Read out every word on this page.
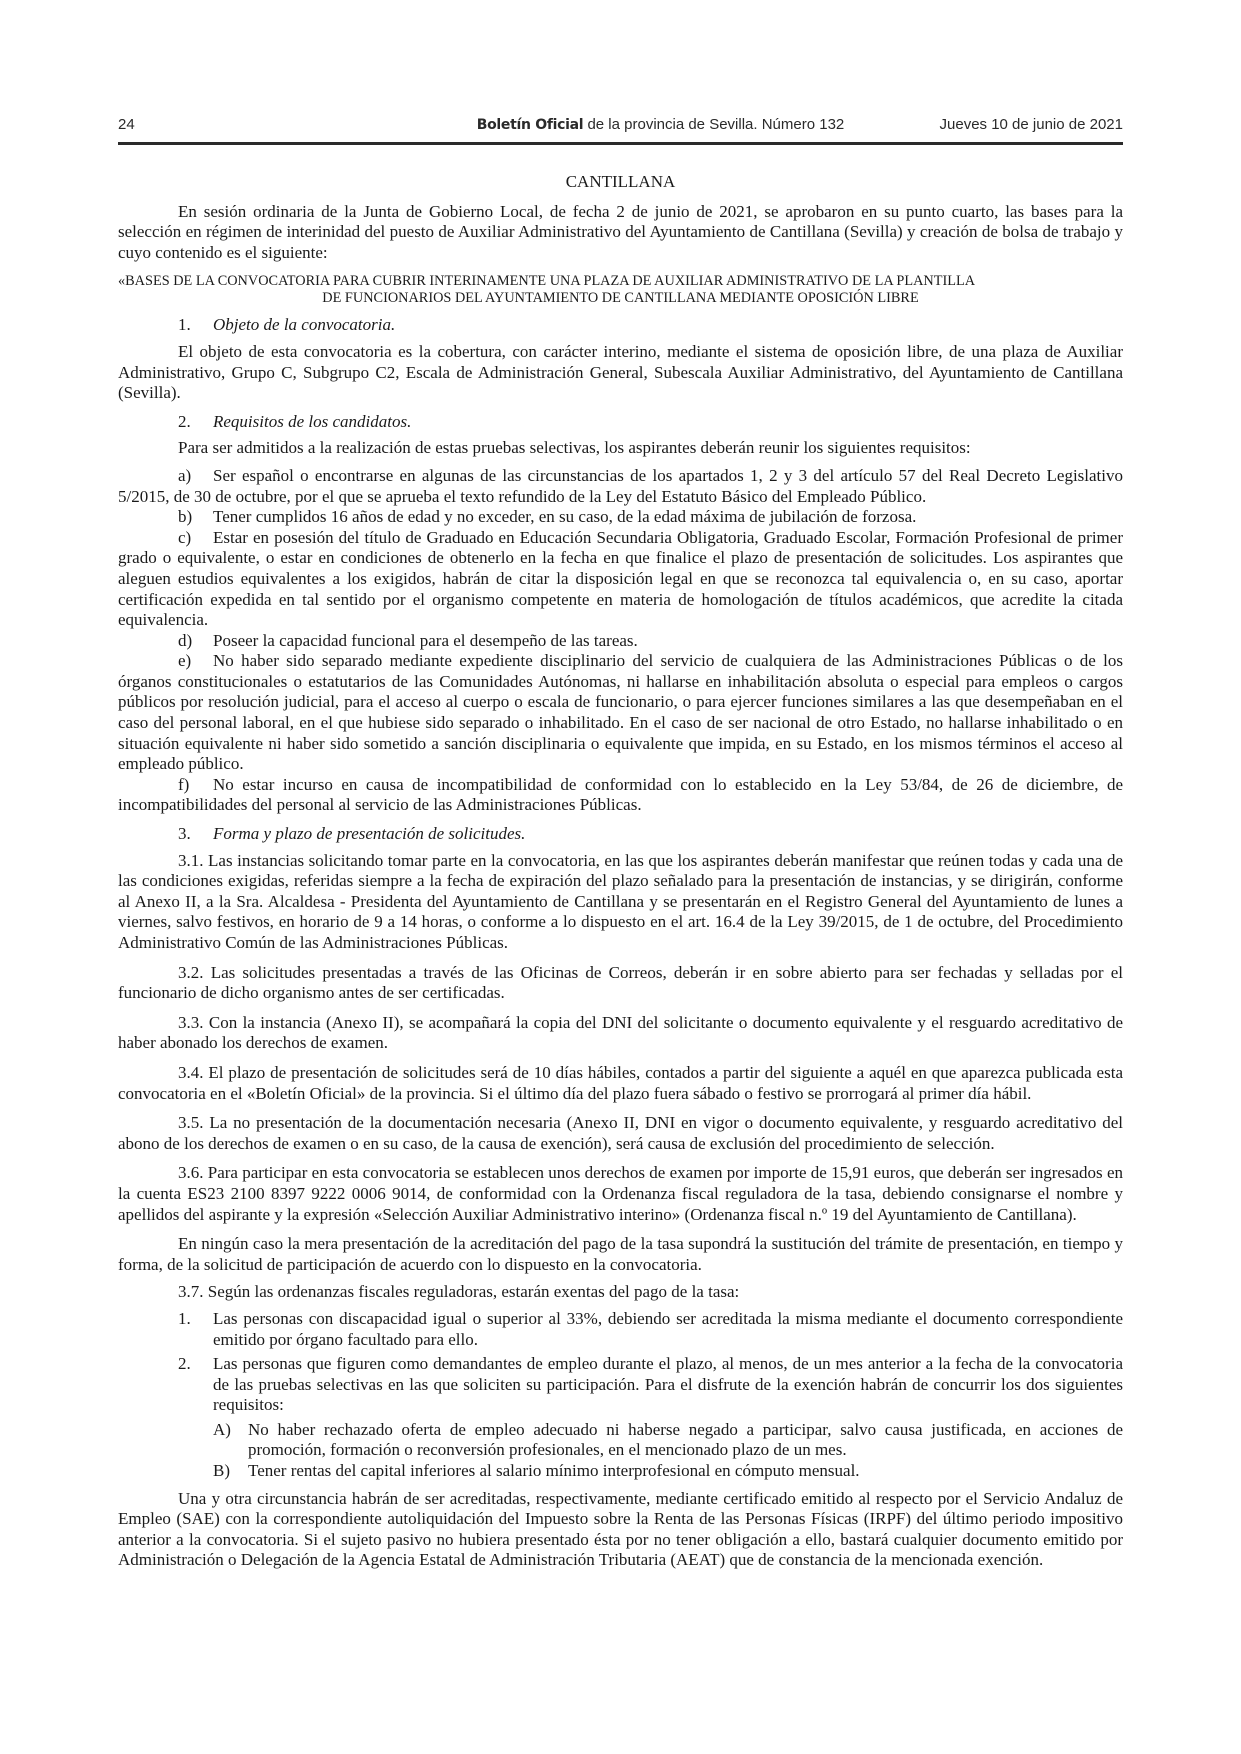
24	Boletín Oficial de la provincia de Sevilla. Número 132	Jueves 10 de junio de 2021
CANTILLANA

En sesión ordinaria de la Junta de Gobierno Local, de fecha 2 de junio de 2021, se aprobaron en su punto cuarto, las bases para la selección en régimen de interinidad del puesto de Auxiliar Administrativo del Ayuntamiento de Cantillana (Sevilla) y creación de bolsa de trabajo y cuyo contenido es el siguiente:

«BASES DE LA CONVOCATORIA PARA CUBRIR INTERINAMENTE UNA PLAZA DE AUXILIAR ADMINISTRATIVO DE LA PLANTILLA
DE FUNCIONARIOS DEL AYUNTAMIENTO DE CANTILLANA MEDIANTE OPOSICIÓN LIBRE

1. Objeto de la convocatoria.

El objeto de esta convocatoria es la cobertura, con carácter interino, mediante el sistema de oposición libre, de una plaza de Auxiliar Administrativo, Grupo C, Subgrupo C2, Escala de Administración General, Subescala Auxiliar Administrativo, del Ayuntamiento de Cantillana (Sevilla).

2. Requisitos de los candidatos.

Para ser admitidos a la realización de estas pruebas selectivas, los aspirantes deberán reunir los siguientes requisitos:

a) Ser español o encontrarse en algunas de las circunstancias de los apartados 1, 2 y 3 del artículo 57 del Real Decreto Legislativo 5/2015, de 30 de octubre, por el que se aprueba el texto refundido de la Ley del Estatuto Básico del Empleado Público.

b) Tener cumplidos 16 años de edad y no exceder, en su caso, de la edad máxima de jubilación de forzosa.

c) Estar en posesión del título de Graduado en Educación Secundaria Obligatoria, Graduado Escolar, Formación Profesional de primer grado o equivalente, o estar en condiciones de obtenerlo en la fecha en que finalice el plazo de presentación de solicitudes. Los aspirantes que aleguen estudios equivalentes a los exigidos, habrán de citar la disposición legal en que se reconozca tal equivalencia o, en su caso, aportar certificación expedida en tal sentido por el organismo competente en materia de homologación de títulos académicos, que acredite la citada equivalencia.

d) Poseer la capacidad funcional para el desempeño de las tareas.

e) No haber sido separado mediante expediente disciplinario del servicio de cualquiera de las Administraciones Públicas o de los órganos constitucionales o estatutarios de las Comunidades Autónomas, ni hallarse en inhabilitación absoluta o especial para empleos o cargos públicos por resolución judicial, para el acceso al cuerpo o escala de funcionario, o para ejercer funciones similares a las que desempeñaban en el caso del personal laboral, en el que hubiese sido separado o inhabilitado. En el caso de ser nacional de otro Estado, no hallarse inhabilitado o en situación equivalente ni haber sido sometido a sanción disciplinaria o equivalente que impida, en su Estado, en los mismos términos el acceso al empleado público.

f) No estar incurso en causa de incompatibilidad de conformidad con lo establecido en la Ley 53/84, de 26 de diciembre, de incompatibilidades del personal al servicio de las Administraciones Públicas.

3. Forma y plazo de presentación de solicitudes.

3.1. Las instancias solicitando tomar parte en la convocatoria, en las que los aspirantes deberán manifestar que reúnen todas y cada una de las condiciones exigidas, referidas siempre a la fecha de expiración del plazo señalado para la presentación de instancias, y se dirigirán, conforme al Anexo II, a la Sra. Alcaldesa - Presidenta del Ayuntamiento de Cantillana y se presentarán en el Registro General del Ayuntamiento de lunes a viernes, salvo festivos, en horario de 9 a 14 horas, o conforme a lo dispuesto en el art. 16.4 de la Ley 39/2015, de 1 de octubre, del Procedimiento Administrativo Común de las Administraciones Públicas.

3.2. Las solicitudes presentadas a través de las Oficinas de Correos, deberán ir en sobre abierto para ser fechadas y selladas por el funcionario de dicho organismo antes de ser certificadas.

3.3. Con la instancia (Anexo II), se acompañará la copia del DNI del solicitante o documento equivalente y el resguardo acreditativo de haber abonado los derechos de examen.

3.4. El plazo de presentación de solicitudes será de 10 días hábiles, contados a partir del siguiente a aquél en que aparezca publicada esta convocatoria en el «Boletín Oficial» de la provincia. Si el último día del plazo fuera sábado o festivo se prorrogará al primer día hábil.

3.5. La no presentación de la documentación necesaria (Anexo II, DNI en vigor o documento equivalente, y resguardo acreditativo del abono de los derechos de examen o en su caso, de la causa de exención), será causa de exclusión del procedimiento de selección.

3.6. Para participar en esta convocatoria se establecen unos derechos de examen por importe de 15,91 euros, que deberán ser ingresados en la cuenta ES23 2100 8397 9222 0006 9014, de conformidad con la Ordenanza fiscal reguladora de la tasa, debiendo consignarse el nombre y apellidos del aspirante y la expresión «Selección Auxiliar Administrativo interino» (Ordenanza fiscal n.º 19 del Ayuntamiento de Cantillana).

En ningún caso la mera presentación de la acreditación del pago de la tasa supondrá la sustitución del trámite de presentación, en tiempo y forma, de la solicitud de participación de acuerdo con lo dispuesto en la convocatoria.

3.7. Según las ordenanzas fiscales reguladoras, estarán exentas del pago de la tasa:

1. Las personas con discapacidad igual o superior al 33%, debiendo ser acreditada la misma mediante el documento correspondiente emitido por órgano facultado para ello.
2. Las personas que figuren como demandantes de empleo durante el plazo, al menos, de un mes anterior a la fecha de la convocatoria de las pruebas selectivas en las que soliciten su participación. Para el disfrute de la exención habrán de concurrir los dos siguientes requisitos:
A) No haber rechazado oferta de empleo adecuado ni haberse negado a participar, salvo causa justificada, en acciones de promoción, formación o reconversión profesionales, en el mencionado plazo de un mes.
B) Tener rentas del capital inferiores al salario mínimo interprofesional en cómputo mensual.

Una y otra circunstancia habrán de ser acreditadas, respectivamente, mediante certificado emitido al respecto por el Servicio Andaluz de Empleo (SAE) con la correspondiente autoliquidación del Impuesto sobre la Renta de las Personas Físicas (IRPF) del último periodo impositivo anterior a la convocatoria. Si el sujeto pasivo no hubiera presentado ésta por no tener obligación a ello, bastará cualquier documento emitido por Administración o Delegación de la Agencia Estatal de Administración Tributaria (AEAT) que de constancia de la mencionada exención.
